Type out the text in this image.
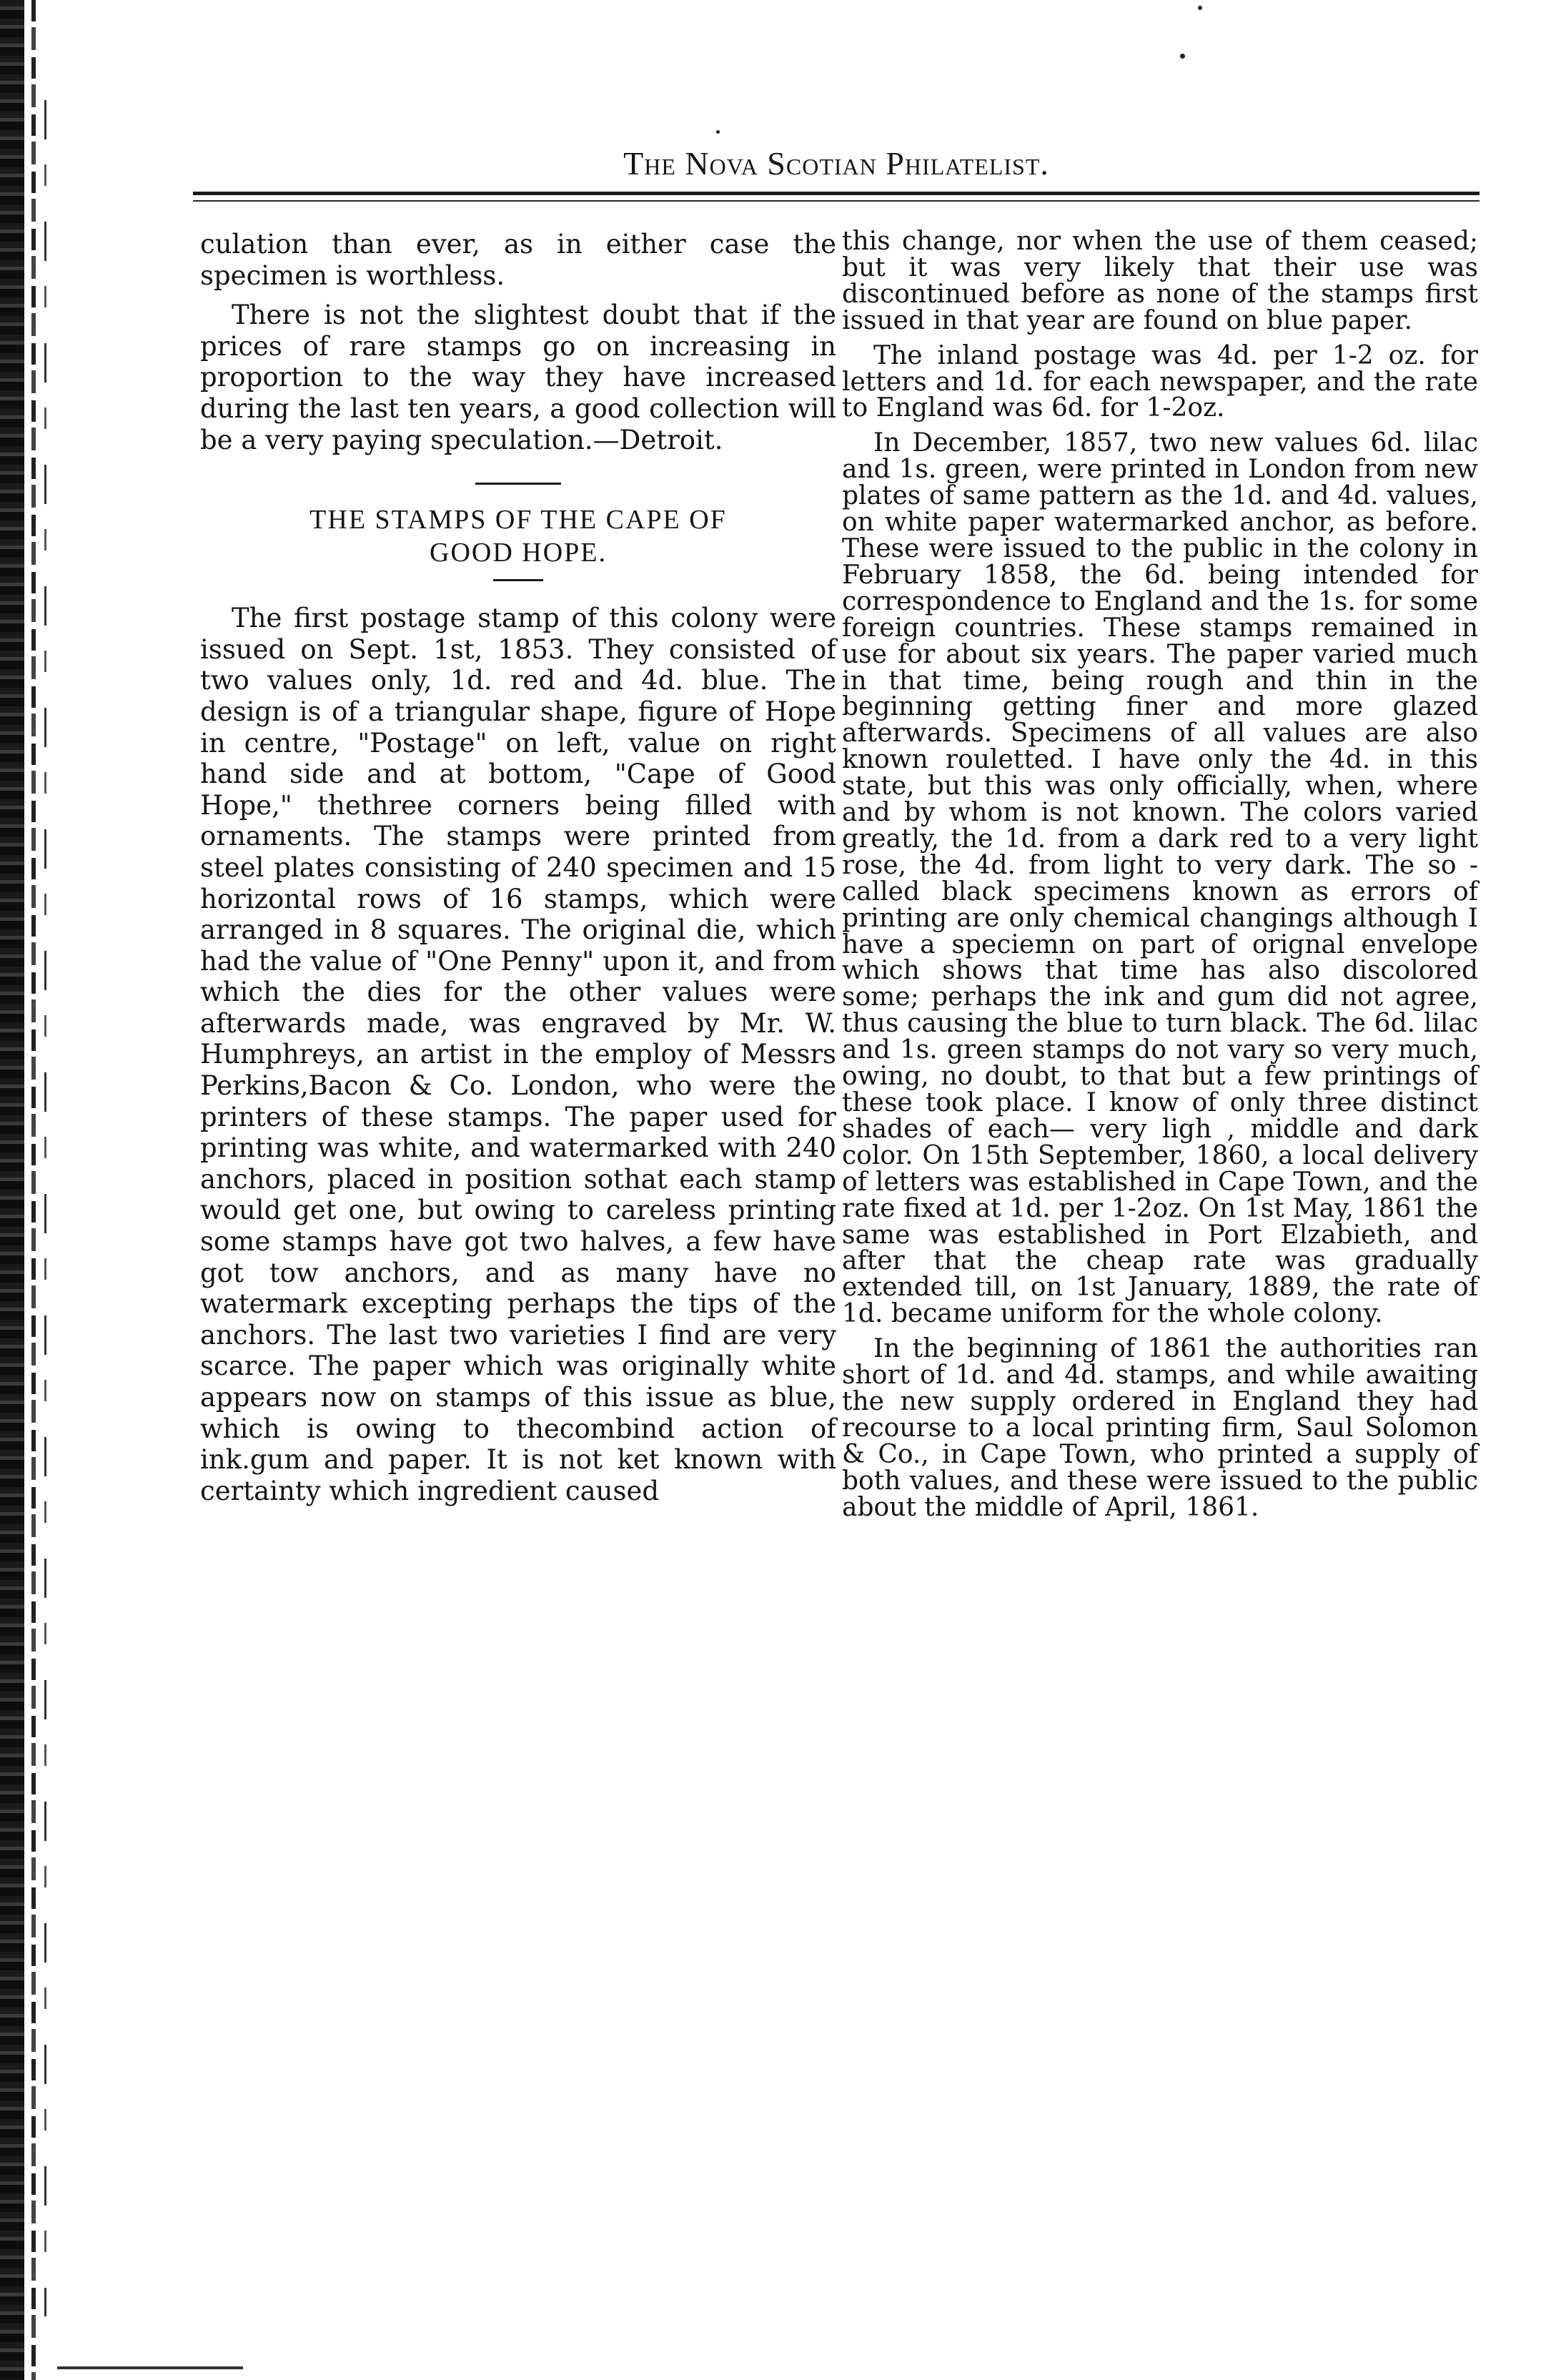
The Nova Scotian Philatelist.

culation than ever, as in either case the specimen is worthless.

There is not the slightest doubt that if the prices of rare stamps go on increasing in proportion to the way they have increased during the last ten years, a good collection will be a very paying speculation.—Detroit.

THE STAMPS OF THE CAPE OF
GOOD HOPE.

The first postage stamp of this colony were issued on Sept. 1st, 1853. They consisted of two values only, 1d. red and 4d. blue. The design is of a triangular shape, figure of Hope in centre, "Postage" on left, value on right hand side and at bottom, "Cape of Good Hope," thethree corners being filled with ornaments. The stamps were printed from steel plates consisting of 240 specimen and 15 horizontal rows of 16 stamps, which were arranged in 8 squares. The original die, which had the value of "One Penny" upon it, and from which the dies for the other values were afterwards made, was engraved by Mr. W. Humphreys, an artist in the employ of Messrs Perkins,Bacon & Co. London, who were the printers of these stamps. The paper used for printing was white, and watermarked with 240 anchors, placed in position sothat each stamp would get one, but owing to careless printing some stamps have got two halves, a few have got tow anchors, and as many have no watermark excepting perhaps the tips of the anchors. The last two varieties I find are very scarce. The paper which was originally white appears now on stamps of this issue as blue, which is owing to thecombind action of ink.gum and paper. It is not ket known with certainty which ingredient caused

this change, nor when the use of them ceased; but it was very likely that their use was discontinued before as none of the stamps first issued in that year are found on blue paper.

The inland postage was 4d. per 1-2 oz. for letters and 1d. for each newspaper, and the rate to England was 6d. for 1-2oz.

In December, 1857, two new values 6d. lilac and 1s. green, were printed in London from new plates of same pattern as the 1d. and 4d. values, on white paper watermarked anchor, as before. These were issued to the public in the colony in February 1858, the 6d. being intended for correspondence to England and the 1s. for some foreign countries. These stamps remained in use for about six years. The paper varied much in that time, being rough and thin in the beginning getting finer and more glazed afterwards. Specimens of all values are also known rouletted. I have only the 4d. in this state, but this was only officially, when, where and by whom is not known. The colors varied greatly, the 1d. from a dark red to a very light rose, the 4d. from light to very dark. The so - called black specimens known as errors of printing are only chemical changings although I have a speciemn on part of orignal envelope which shows that time has also discolored some; perhaps the ink and gum did not agree, thus causing the blue to turn black. The 6d. lilac and 1s. green stamps do not vary so very much, owing, no doubt, to that but a few printings of these took place. I know of only three distinct shades of each— very ligh , middle and dark color. On 15th September, 1860, a local delivery of letters was established in Cape Town, and the rate fixed at 1d. per 1-2oz. On 1st May, 1861 the same was established in Port Elzabieth, and after that the cheap rate was gradually extended till, on 1st January, 1889, the rate of 1d. became uniform for the whole colony.

In the beginning of 1861 the authorities ran short of 1d. and 4d. stamps, and while awaiting the new supply ordered in England they had recourse to a local printing firm, Saul Solomon & Co., in Cape Town, who printed a supply of both values, and these were issued to the public about the middle of April, 1861.
